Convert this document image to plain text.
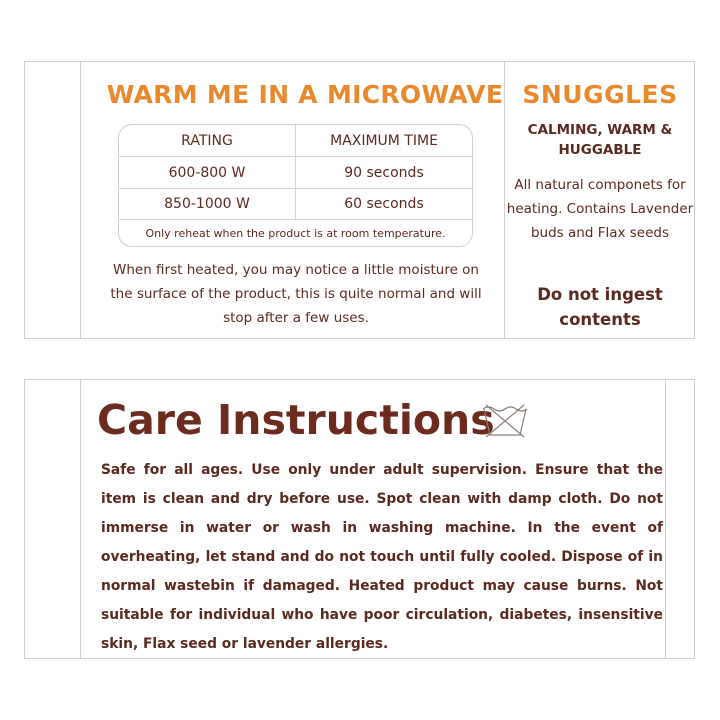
WARM ME IN A MICROWAVE
RATING	MAXIMUM TIME
600-800 W	90 seconds
850-1000 W	60 seconds
Only reheat when the product is at room temperature.
When first heated, you may notice a little moisture on the surface of the product, this is quite normal and will stop after a few uses.
SNUGGLES
CALMING, WARM & HUGGABLE
All natural componets for heating. Contains Lavender buds and Flax seeds
Do not ingest contents
Care Instructions
Safe for all ages. Use only under adult supervision. Ensure that the item is clean and dry before use. Spot clean with damp cloth. Do not immerse in water or wash in washing machine. In the event of overheating, let stand and do not touch until fully cooled. Dispose of in normal wastebin if damaged. Heated product may cause burns. Not suitable for individual who have poor circulation, diabetes, insensitive skin, Flax seed or lavender allergies.
